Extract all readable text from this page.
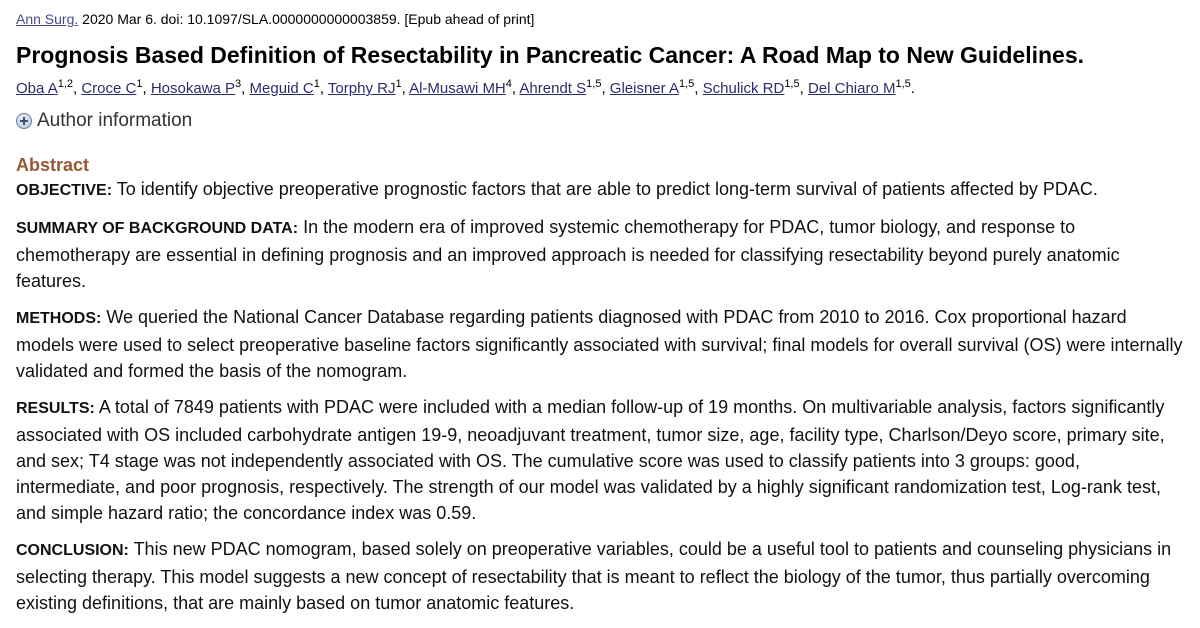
Ann Surg. 2020 Mar 6. doi: 10.1097/SLA.0000000000003859. [Epub ahead of print]

Prognosis Based Definition of Resectability in Pancreatic Cancer: A Road Map to New Guidelines.
Oba A$^{1,2}$, Croce $C^1$, Hosokawa $P^3$, Meguid $C^1$, Torphy $RJ^1$, Al-Musawi $MH^4$, Ahrendt S$^{1,5}$, Gleisner A$^{1,5}$, Schulick RD$^{1,5}$, Del Chiaro M$^{1,5}$.
Author information
Abstract

OBJECTIVE: To identify objective preoperative prognostic factors that are able to predict long-term survival of patients affected by PDAC.

SUMMARY OF BACKGROUND DATA: In the modern era of improved systemic chemotherapy for PDAC, tumor biology, and response to chemotherapy are essential in defining prognosis and an improved approach is needed for classifying resectability beyond purely anatomic features.

METHODS: We queried the National Cancer Database regarding patients diagnosed with PDAC from 2010 to 2016. Cox proportional hazard models were used to select preoperative baseline factors significantly associated with survival; final models for overall survival (OS) were internally validated and formed the basis of the nomogram.

RESULTS: A total of 7849 patients with PDAC were included with a median follow-up of 19 months. On multivariable analysis, factors significantly associated with OS included carbohydrate antigen 19-9, neoadjuvant treatment, tumor size, age, facility type, Charlson/Deyo score, primary site, and sex; T4 stage was not independently associated with OS. The cumulative score was used to classify patients into 3 groups: good, intermediate, and poor prognosis, respectively. The strength of our model was validated by a highly significant randomization test, Log-rank test, and simple hazard ratio; the concordance index was 0.59.

CONCLUSION: This new PDAC nomogram, based solely on preoperative variables, could be a useful tool to patients and counseling physicians in selecting therapy. This model suggests a new concept of resectability that is meant to reflect the biology of the tumor, thus partially overcoming existing definitions, that are mainly based on tumor anatomic features.
